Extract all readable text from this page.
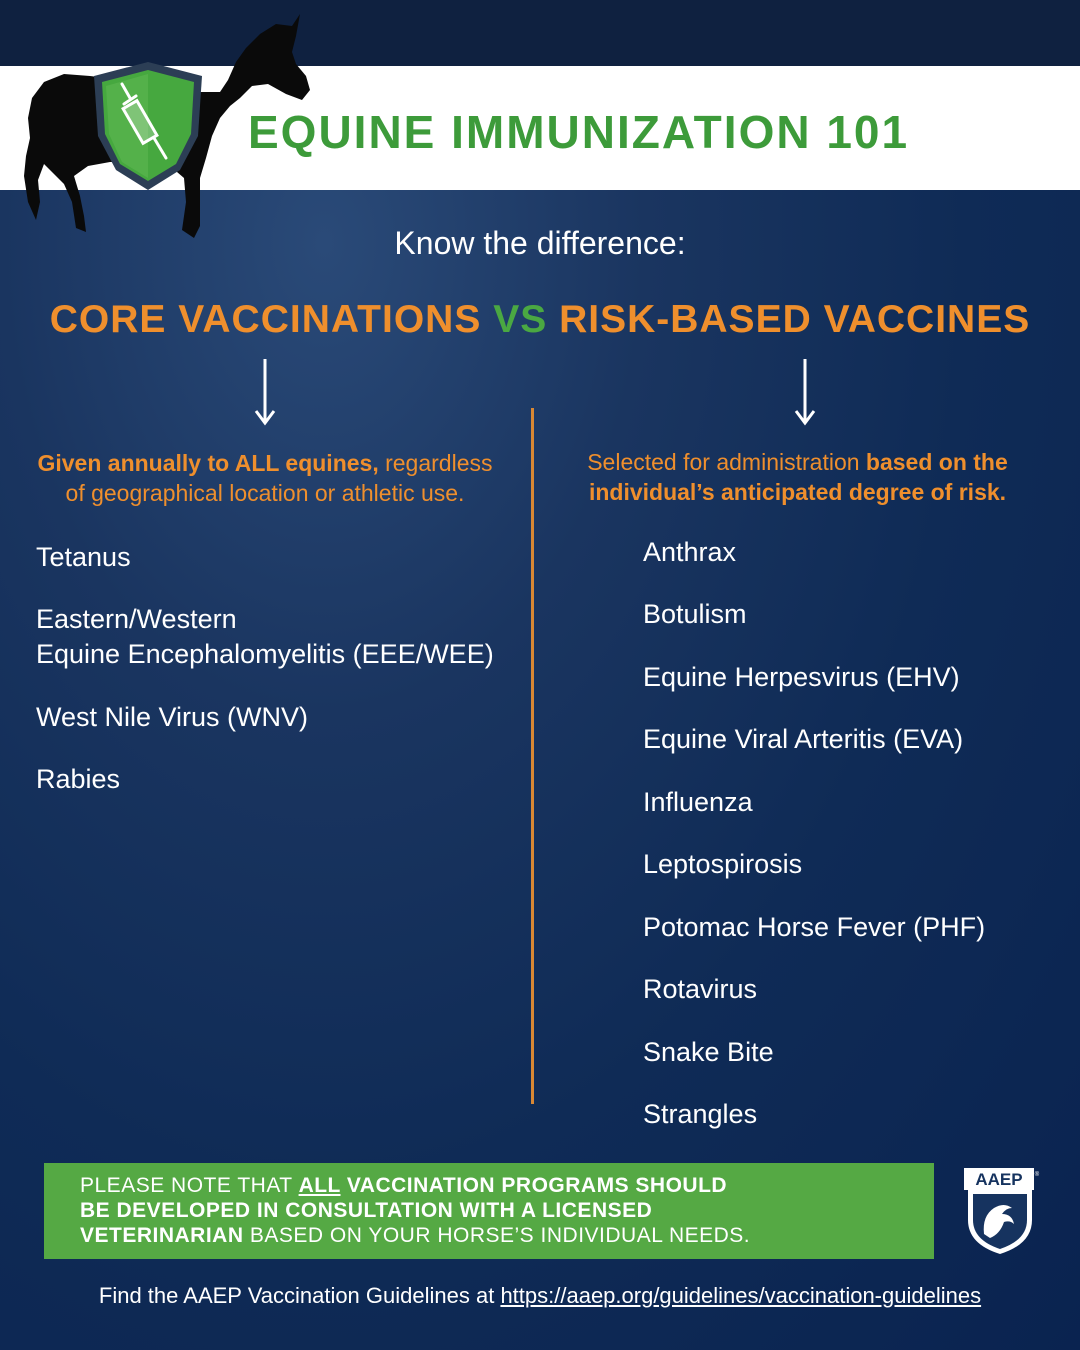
EQUINE IMMUNIZATION 101
Know the difference:
CORE VACCINATIONS VS RISK-BASED VACCINES
Given annually to ALL equines, regardless
of geographical location or athletic use.
Selected for administration based on the
individual’s anticipated degree of risk.
Tetanus
Eastern/Western
Equine Encephalomyelitis (EEE/WEE)
West Nile Virus (WNV)
Rabies
Anthrax
Botulism
Equine Herpesvirus (EHV)
Equine Viral Arteritis (EVA)
Influenza
Leptospirosis
Potomac Horse Fever (PHF)
Rotavirus
Snake Bite
Strangles
PLEASE NOTE THAT ALL VACCINATION PROGRAMS SHOULD
BE DEVELOPED IN CONSULTATION WITH A LICENSED
VETERINARIAN BASED ON YOUR HORSE’S INDIVIDUAL NEEDS.
AAEP ®
Find the AAEP Vaccination Guidelines at https://aaep.org/guidelines/vaccination-guidelines
